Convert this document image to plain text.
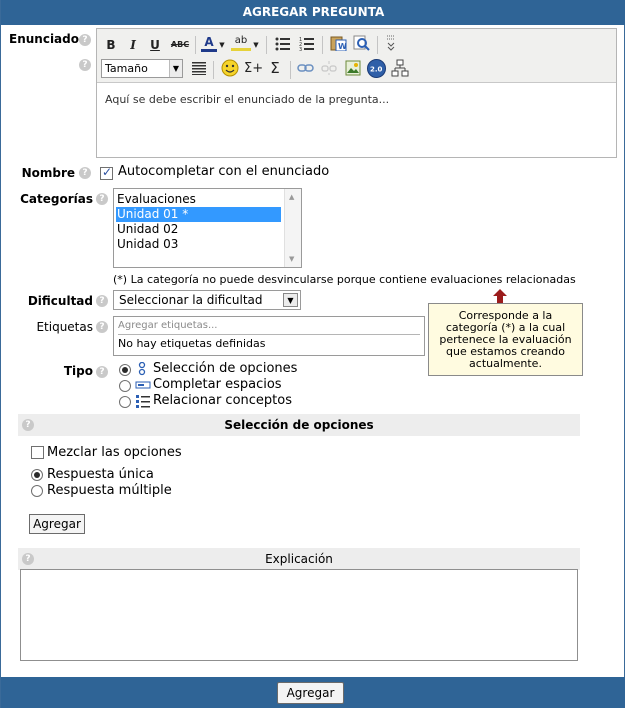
AGREGAR PREGUNTA
Enunciado ?
?
B	I	U	ABC A ▼	ab ▼
1
2
3	W
Tamaño	▼	Σ+ Σ	2.0
Aquí se debe escribir el enunciado de la pregunta...
Nombre ?
✓ Autocompletar con el enunciado
Categorías ? Evaluaciones
Unidad 01 *
Unidad 02
Unidad 03
▲
▼
(*) La categoría no puede desvincularse porque contiene evaluaciones relacionadas
Dificultad ?	Seleccionar la dificultad	▼
Etiquetas ?	Agregar etiquetas...
No hay etiquetas definidas
Corresponde a la
categoría (*) a la cual
pertenece la evaluación
que estamos creando
actualmente.
Tipo ?	Selección de opciones
Completar espacios
Relacionar conceptos
Selección de opciones
?
Mezclar las opciones
Respuesta única
Respuesta múltiple
Agregar
Explicación
?
Agregar
